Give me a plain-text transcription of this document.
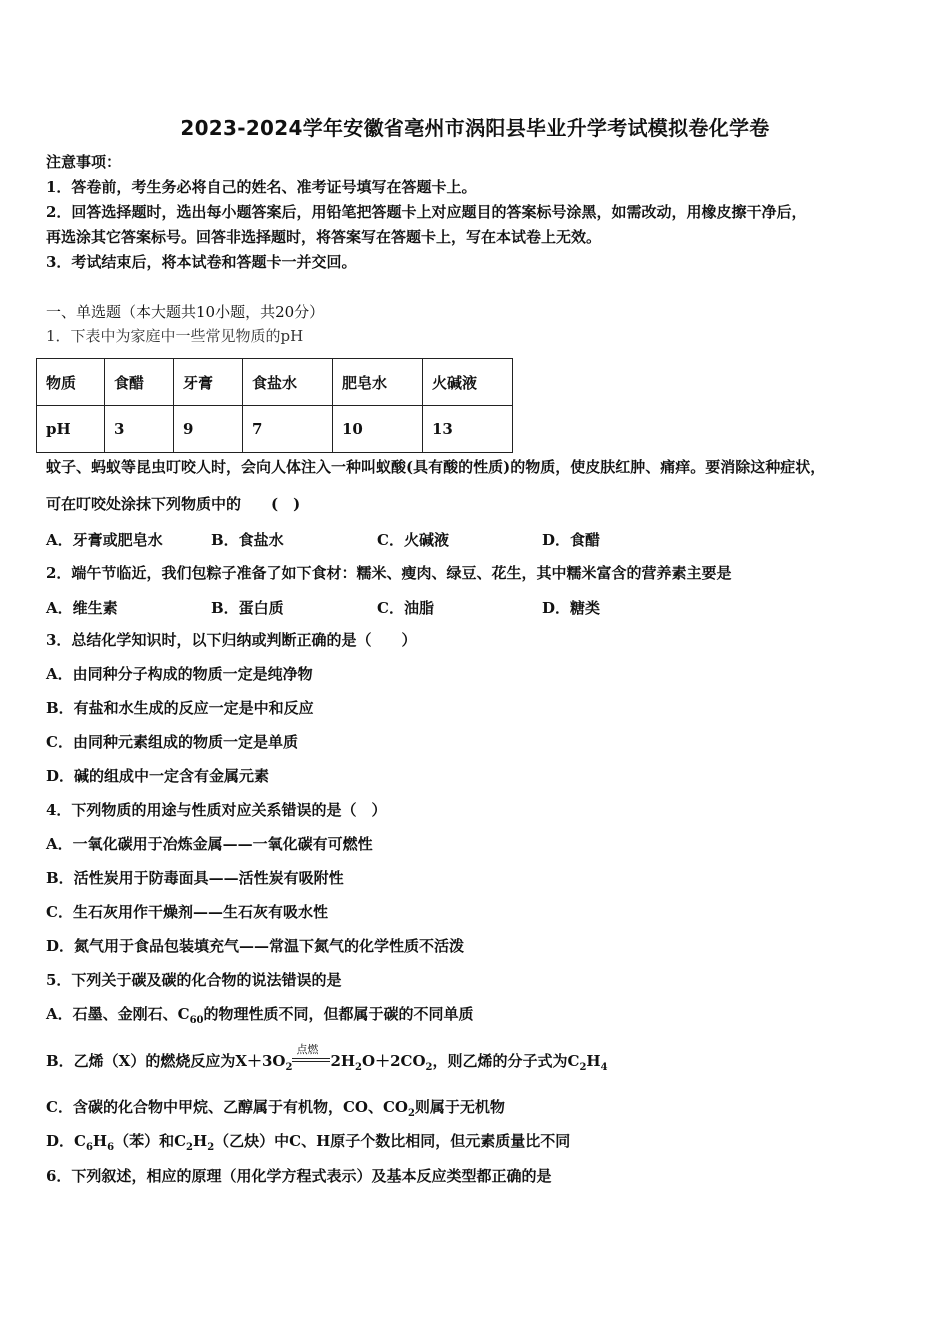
2023-2024学年安徽省亳州市涡阳县毕业升学考试模拟卷化学卷
注意事项：
1．答卷前，考生务必将自己的姓名、准考证号填写在答题卡上。
2．回答选择题时，选出每小题答案后，用铅笔把答题卡上对应题目的答案标号涂黑，如需改动，用橡皮擦干净后，
再选涂其它答案标号。回答非选择题时，将答案写在答题卡上，写在本试卷上无效。
3．考试结束后，将本试卷和答题卡一并交回。
一、单选题（本大题共10小题，共20分）
1．下表中为家庭中一些常见物质的pH
物质	食醋	牙膏	食盐水	肥皂水	火碱液
pH	3	9	7	10	13
蚊子、蚂蚁等昆虫叮咬人时，会向人体注入一种叫蚁酸(具有酸的性质)的物质，使皮肤红肿、痛痒。要消除这种症状，
可在叮咬处涂抹下列物质中的　　(　)
A．牙膏或肥皂水	B．食盐水	C．火碱液	D．食醋
2．端午节临近，我们包粽子准备了如下食材：糯米、瘦肉、绿豆、花生，其中糯米富含的营养素主要是
A．维生素	B．蛋白质	C．油脂	D．糖类
3．总结化学知识时，以下归纳或判断正确的是（　　）
A．由同种分子构成的物质一定是纯净物
B．有盐和水生成的反应一定是中和反应
C．由同种元素组成的物质一定是单质
D．碱的组成中一定含有金属元素
4．下列物质的用途与性质对应关系错误的是（　）
A．一氧化碳用于冶炼金属——一氧化碳有可燃性
B．活性炭用于防毒面具——活性炭有吸附性
C．生石灰用作干燥剂——生石灰有吸水性
D．氮气用于食品包装填充气——常温下氮气的化学性质不活泼
5．下列关于碳及碳的化合物的说法错误的是
A．石墨、金刚石、$C_{60}$的物理性质不同，但都属于碳的不同单质
B．乙烯（X）的燃烧反应为$X+3O_2$
点燃
$2H_2O+2CO_2$，则乙烯的分子式为$C_2H_4$
C．含碳的化合物中甲烷、乙醇属于有机物，CO、$CO_2$则属于无机物
D．$C_6H_6$（苯）和$C_2H_2$（乙炔）中C、H原子个数比相同，但元素质量比不同
6．下列叙述，相应的原理（用化学方程式表示）及基本反应类型都正确的是
